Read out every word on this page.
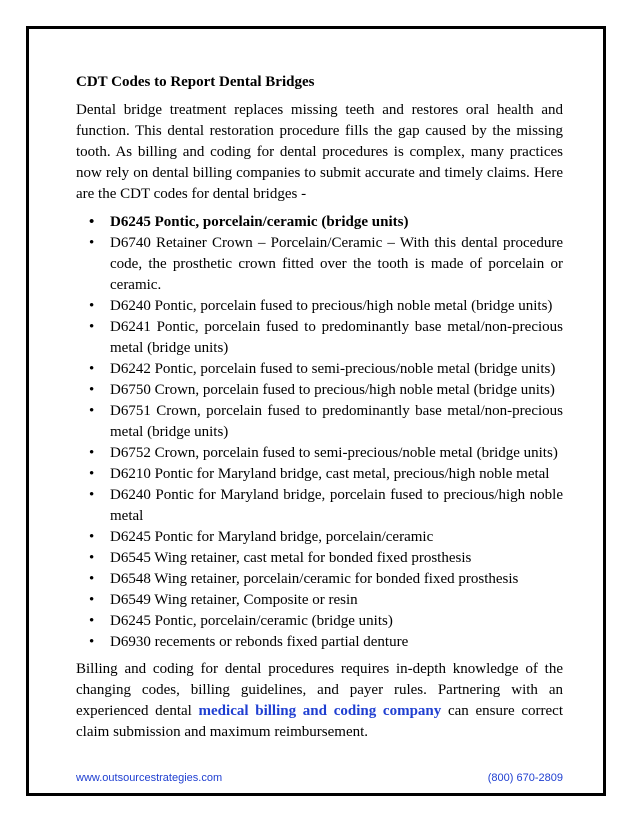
CDT Codes to Report Dental Bridges

Dental bridge treatment replaces missing teeth and restores oral health and function. This dental restoration procedure fills the gap caused by the missing tooth. As billing and coding for dental procedures is complex, many practices now rely on dental billing companies to submit accurate and timely claims. Here are the CDT codes for dental bridges -

• D6245 Pontic, porcelain/ceramic (bridge units)
• D6740 Retainer Crown – Porcelain/Ceramic – With this dental procedure code, the prosthetic crown fitted over the tooth is made of porcelain or ceramic.
• D6240 Pontic, porcelain fused to precious/high noble metal (bridge units)
• D6241 Pontic, porcelain fused to predominantly base metal/non-precious metal (bridge units)
• D6242 Pontic, porcelain fused to semi-precious/noble metal (bridge units)
• D6750 Crown, porcelain fused to precious/high noble metal (bridge units)
• D6751 Crown, porcelain fused to predominantly base metal/non-precious metal (bridge units)
• D6752 Crown, porcelain fused to semi-precious/noble metal (bridge units)
• D6210 Pontic for Maryland bridge, cast metal, precious/high noble metal
• D6240 Pontic for Maryland bridge, porcelain fused to precious/high noble metal
• D6245 Pontic for Maryland bridge, porcelain/ceramic
• D6545 Wing retainer, cast metal for bonded fixed prosthesis
• D6548 Wing retainer, porcelain/ceramic for bonded fixed prosthesis
• D6549 Wing retainer, Composite or resin
• D6245 Pontic, porcelain/ceramic (bridge units)
• D6930 recements or rebonds fixed partial denture

Billing and coding for dental procedures requires in-depth knowledge of the changing codes, billing guidelines, and payer rules. Partnering with an experienced dental medical billing and coding company can ensure correct claim submission and maximum reimbursement.

www.outsourcestrategies.com	(800) 670-2809
